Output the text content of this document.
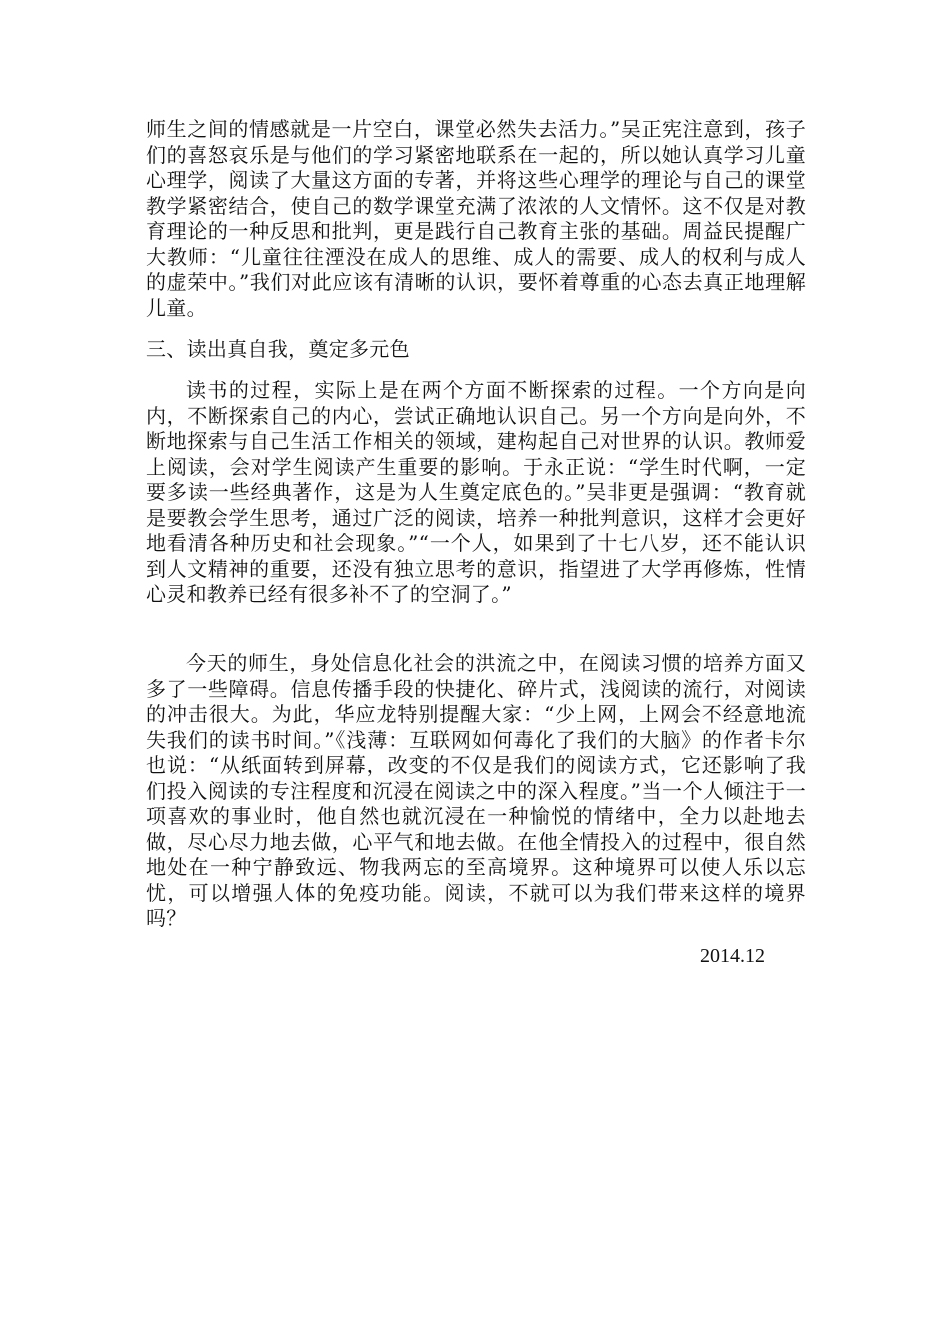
师生之间的情感就是一片空白，课堂必然失去活力。”吴正宪注意到，孩子们的喜怒哀乐是与他们的学习紧密地联系在一起的，所以她认真学习儿童心理学，阅读了大量这方面的专著，并将这些心理学的理论与自己的课堂教学紧密结合，使自己的数学课堂充满了浓浓的人文情怀。这不仅是对教育理论的一种反思和批判，更是践行自己教育主张的基础。周益民提醒广大教师：“儿童往往湮没在成人的思维、成人的需要、成人的权利与成人的虚荣中。”我们对此应该有清晰的认识，要怀着尊重的心态去真正地理解儿童。

三、读出真自我，奠定多元色

读书的过程，实际上是在两个方面不断探索的过程。一个方向是向内，不断探索自己的内心，尝试正确地认识自己。另一个方向是向外，不断地探索与自己生活工作相关的领域，建构起自己对世界的认识。教师爱上阅读，会对学生阅读产生重要的影响。于永正说：“学生时代啊，一定要多读一些经典著作，这是为人生奠定底色的。”吴非更是强调：“教育就是要教会学生思考，通过广泛的阅读，培养一种批判意识，这样才会更好地看清各种历史和社会现象。”“一个人，如果到了十七八岁，还不能认识到人文精神的重要，还没有独立思考的意识，指望进了大学再修炼，性情心灵和教养已经有很多补不了的空洞了。”

今天的师生，身处信息化社会的洪流之中，在阅读习惯的培养方面又多了一些障碍。信息传播手段的快捷化、碎片式，浅阅读的流行，对阅读的冲击很大。为此，华应龙特别提醒大家：“少上网，上网会不经意地流失我们的读书时间。”《浅薄：互联网如何毒化了我们的大脑》的作者卡尔也说：“从纸面转到屏幕，改变的不仅是我们的阅读方式，它还影响了我们投入阅读的专注程度和沉浸在阅读之中的深入程度。”当一个人倾注于一项喜欢的事业时，他自然也就沉浸在一种愉悦的情绪中，全力以赴地去做，尽心尽力地去做，心平气和地去做。在他全情投入的过程中，很自然地处在一种宁静致远、物我两忘的至高境界。这种境界可以使人乐以忘忧，可以增强人体的免疫功能。阅读，不就可以为我们带来这样的境界吗？

2014.12
